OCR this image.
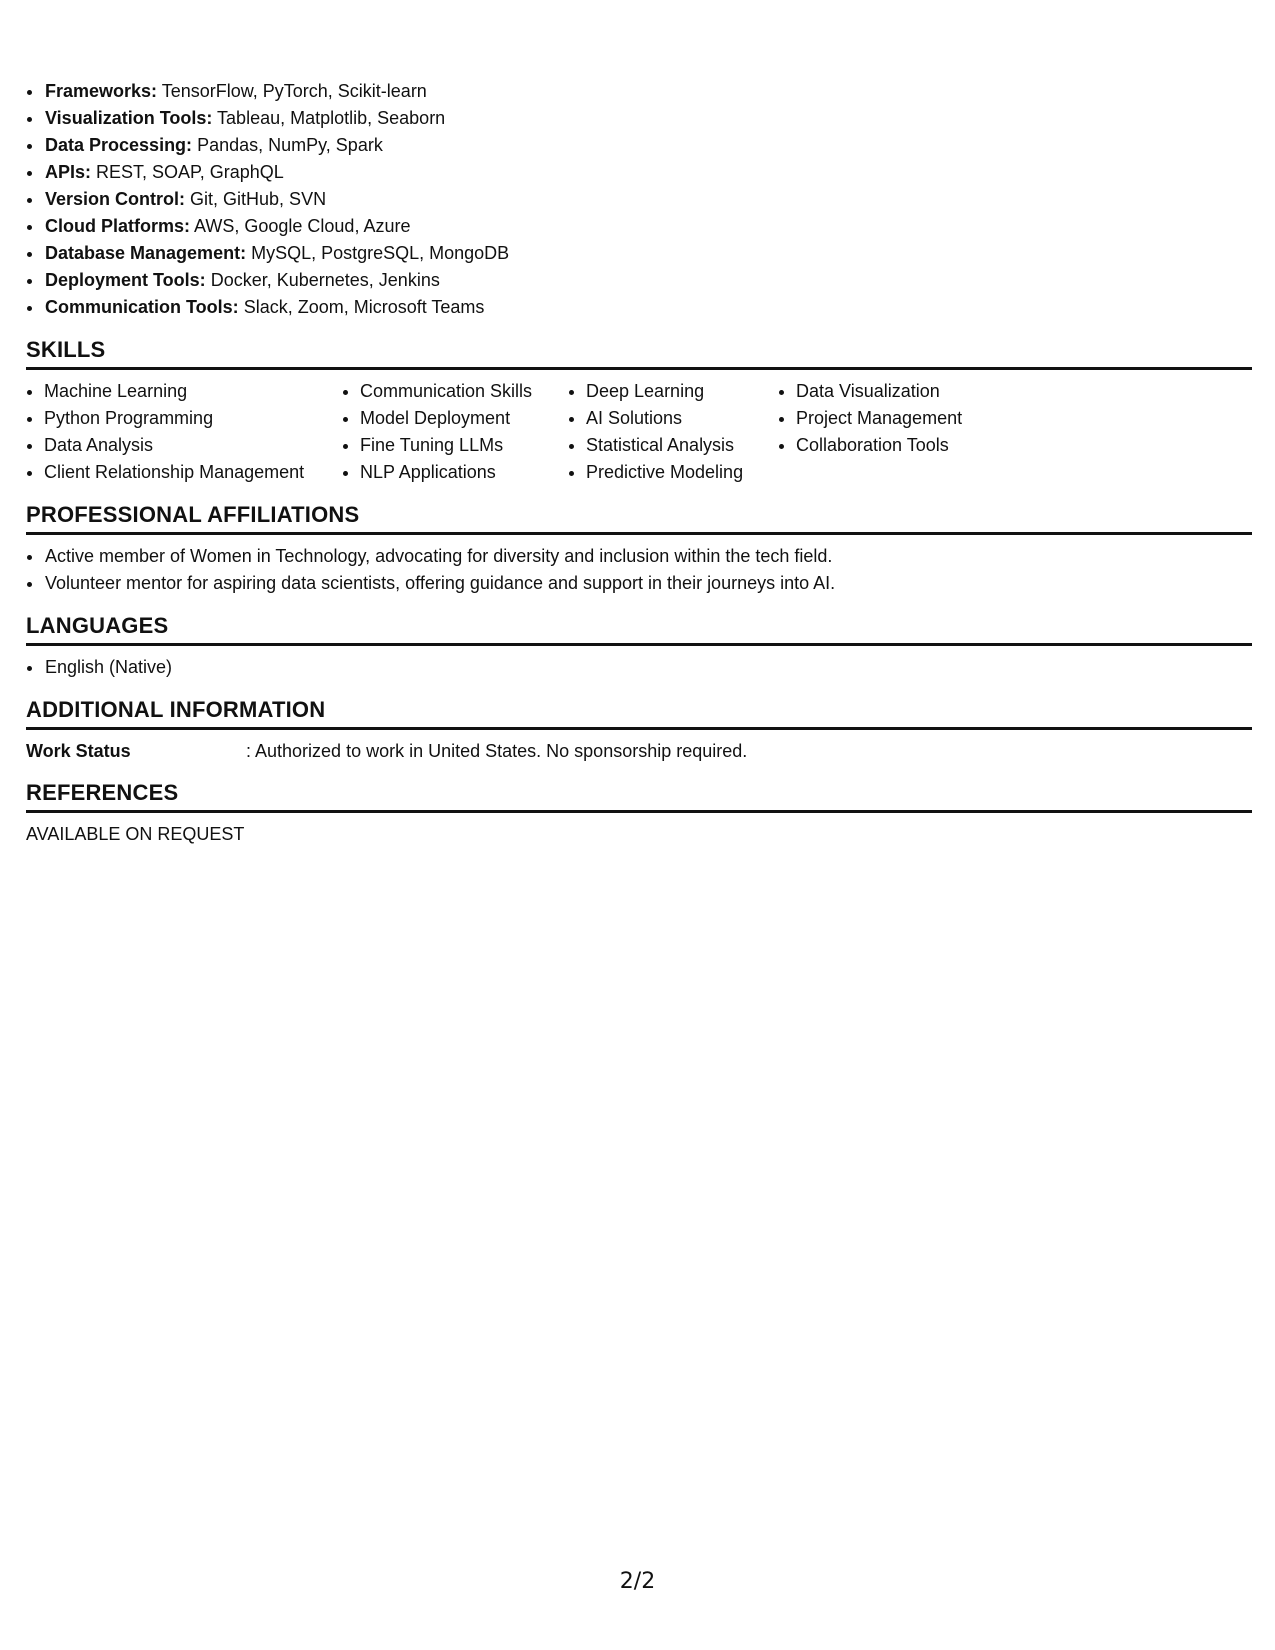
• Frameworks: TensorFlow, PyTorch, Scikit-learn
• Visualization Tools: Tableau, Matplotlib, Seaborn
• Data Processing: Pandas, NumPy, Spark
• APIs: REST, SOAP, GraphQL
• Version Control: Git, GitHub, SVN
• Cloud Platforms: AWS, Google Cloud, Azure
• Database Management: MySQL, PostgreSQL, MongoDB
• Deployment Tools: Docker, Kubernetes, Jenkins
• Communication Tools: Slack, Zoom, Microsoft Teams
SKILLS
• Machine Learning
• Python Programming
• Data Analysis
• Client Relationship Management
• Communication Skills
• Model Deployment
• Fine Tuning LLMs
• NLP Applications
• Deep Learning
• AI Solutions
• Statistical Analysis
• Predictive Modeling
• Data Visualization
• Project Management
• Collaboration Tools
PROFESSIONAL AFFILIATIONS
• Active member of Women in Technology, advocating for diversity and inclusion within the tech field.
• Volunteer mentor for aspiring data scientists, offering guidance and support in their journeys into AI.
LANGUAGES
• English (Native)
ADDITIONAL INFORMATION
Work Status	: Authorized to work in United States. No sponsorship required.
REFERENCES
AVAILABLE ON REQUEST
2/2
